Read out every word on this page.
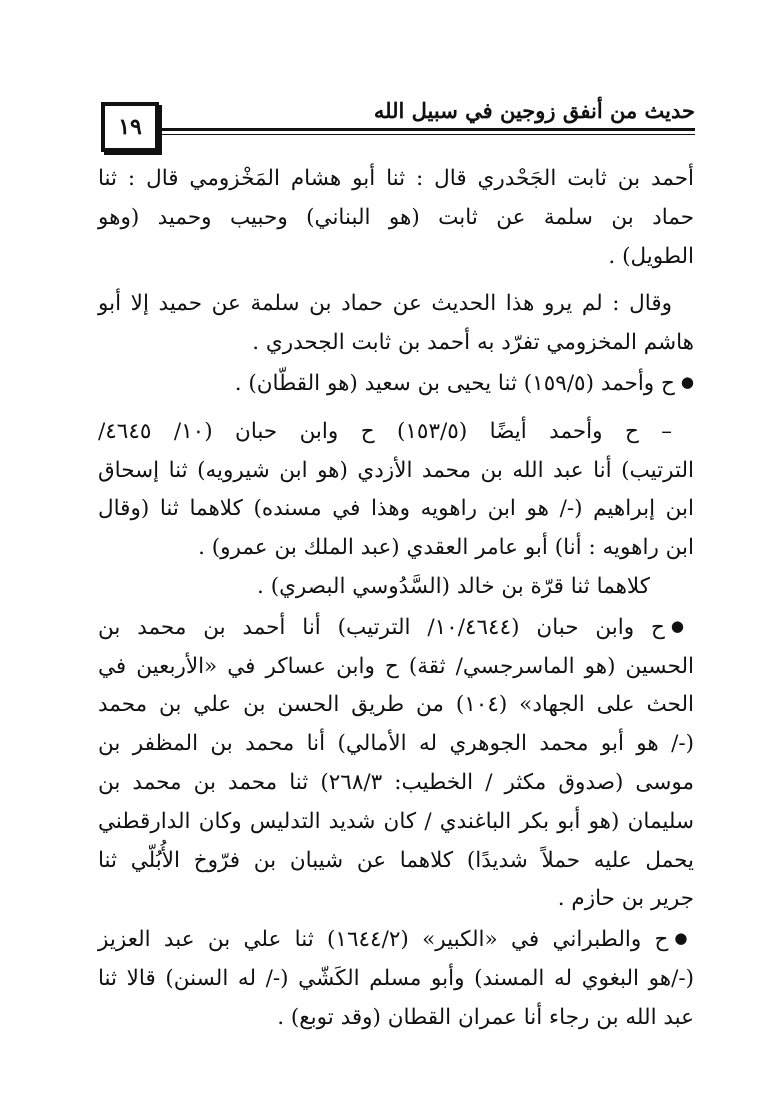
١٩
حديث من أنفق زوجين في سبيل الله

أحمد بن ثابت الجَحْدري قال : ثنا أبو هشام المَخْزومي قال : ثنا
حماد بن سلمة عن ثابت (هو البناني) وحبيب وحميد (وهو
الطويل) .

وقال : لم يرو هذا الحديث عن حماد بن سلمة عن حميد إلا أبو
هاشم المخزومي تفرّد به أحمد بن ثابت الجحدري .

●ح وأحمد (١٥٩/٥) ثنا يحيى بن سعيد (هو القطّان) .

– ح وأحمد أيضًا (١٥٣/٥) ح وابن حبان (١٠/ ٤٦٤٥/
الترتيب) أنا عبد الله بن محمد الأزدي (هو ابن شيرويه) ثنا إسحاق
ابن إبراهيم (-/ هو ابن راهويه وهذا في مسنده) كلاهما ثنا (وقال
ابن راهويه : أنا) أبو عامر العقدي (عبد الملك بن عمرو) .

كلاهما ثنا قرّة بن خالد (السَّدُوسي البصري) .

●ح وابن حبان (١٠/٤٦٤٤/ الترتيب) أنا أحمد بن محمد بن
الحسين (هو الماسرجسي/ ثقة) ح وابن عساكر في «الأربعين في
الحث على الجهاد» (١٠٤) من طريق الحسن بن علي بن محمد
(-/ هو أبو محمد الجوهري له الأمالي) أنا محمد بن المظفر بن
موسى (صدوق مكثر / الخطيب: ٢٦٨/٣) ثنا محمد بن محمد بن
سليمان (هو أبو بكر الباغندي / كان شديد التدليس وكان الدارقطني
يحمل عليه حملاً شديدًا) كلاهما عن شيبان بن فرّوخ الأُبُلّي ثنا
جرير بن حازم .

●ح والطبراني في «الكبير» (١٦٤٤/٢) ثنا علي بن عبد العزيز
(-/هو البغوي له المسند) وأبو مسلم الكَشّي (-/ له السنن) قالا ثنا
عبد الله بن رجاء أنا عمران القطان (وقد توبع) .
